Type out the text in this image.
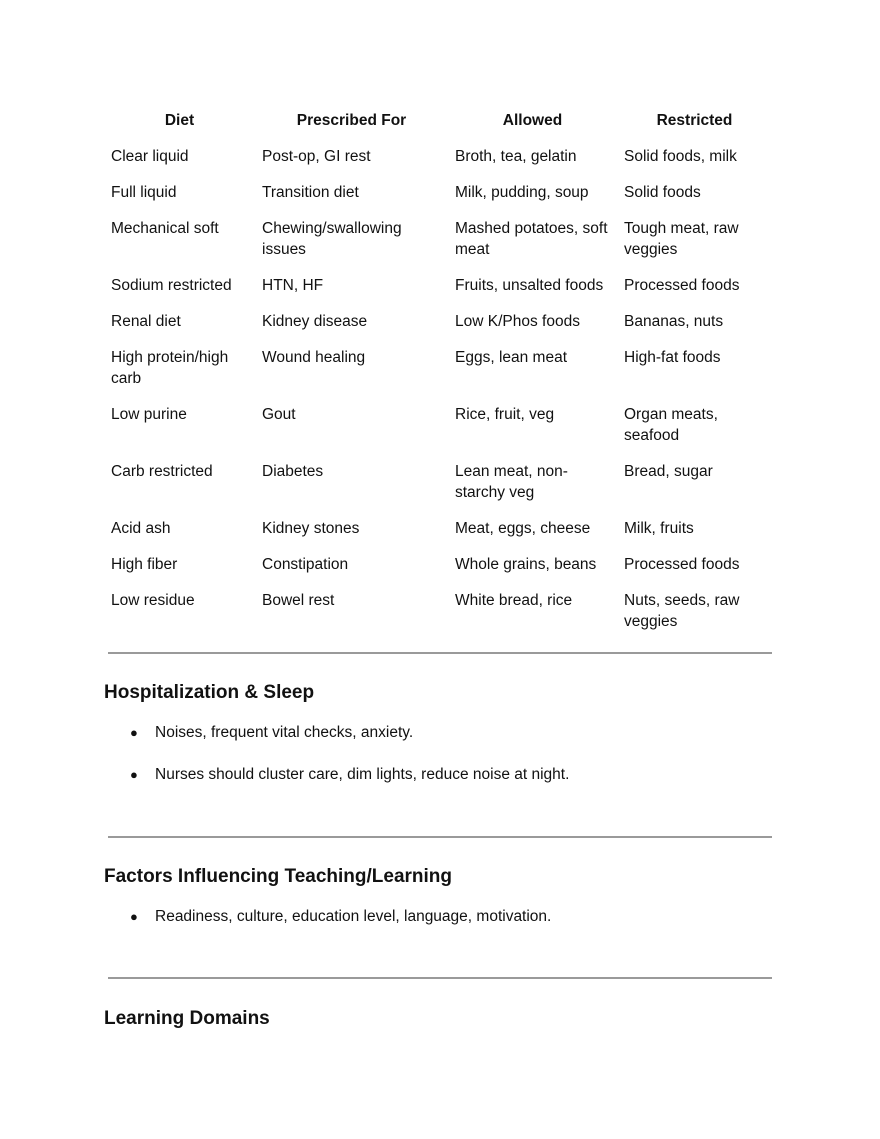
Diet	Prescribed For	Allowed	Restricted
Clear liquid	Post-op, GI rest	Broth, tea, gelatin	Solid foods, milk
Full liquid	Transition diet	Milk, pudding, soup	Solid foods
Mechanical soft	Chewing/swallowing issues	Mashed potatoes, soft meat	Tough meat, raw veggies
Sodium restricted	HTN, HF	Fruits, unsalted foods	Processed foods
Renal diet	Kidney disease	Low K/Phos foods	Bananas, nuts
High protein/high carb	Wound healing	Eggs, lean meat	High-fat foods
Low purine	Gout	Rice, fruit, veg	Organ meats, seafood
Carb restricted	Diabetes	Lean meat, non-starchy veg	Bread, sugar
Acid ash	Kidney stones	Meat, eggs, cheese	Milk, fruits
High fiber	Constipation	Whole grains, beans	Processed foods
Low residue	Bowel rest	White bread, rice	Nuts, seeds, raw veggies
Hospitalization & Sleep
● Noises, frequent vital checks, anxiety.
● Nurses should cluster care, dim lights, reduce noise at night.
Factors Influencing Teaching/Learning
● Readiness, culture, education level, language, motivation.
Learning Domains
